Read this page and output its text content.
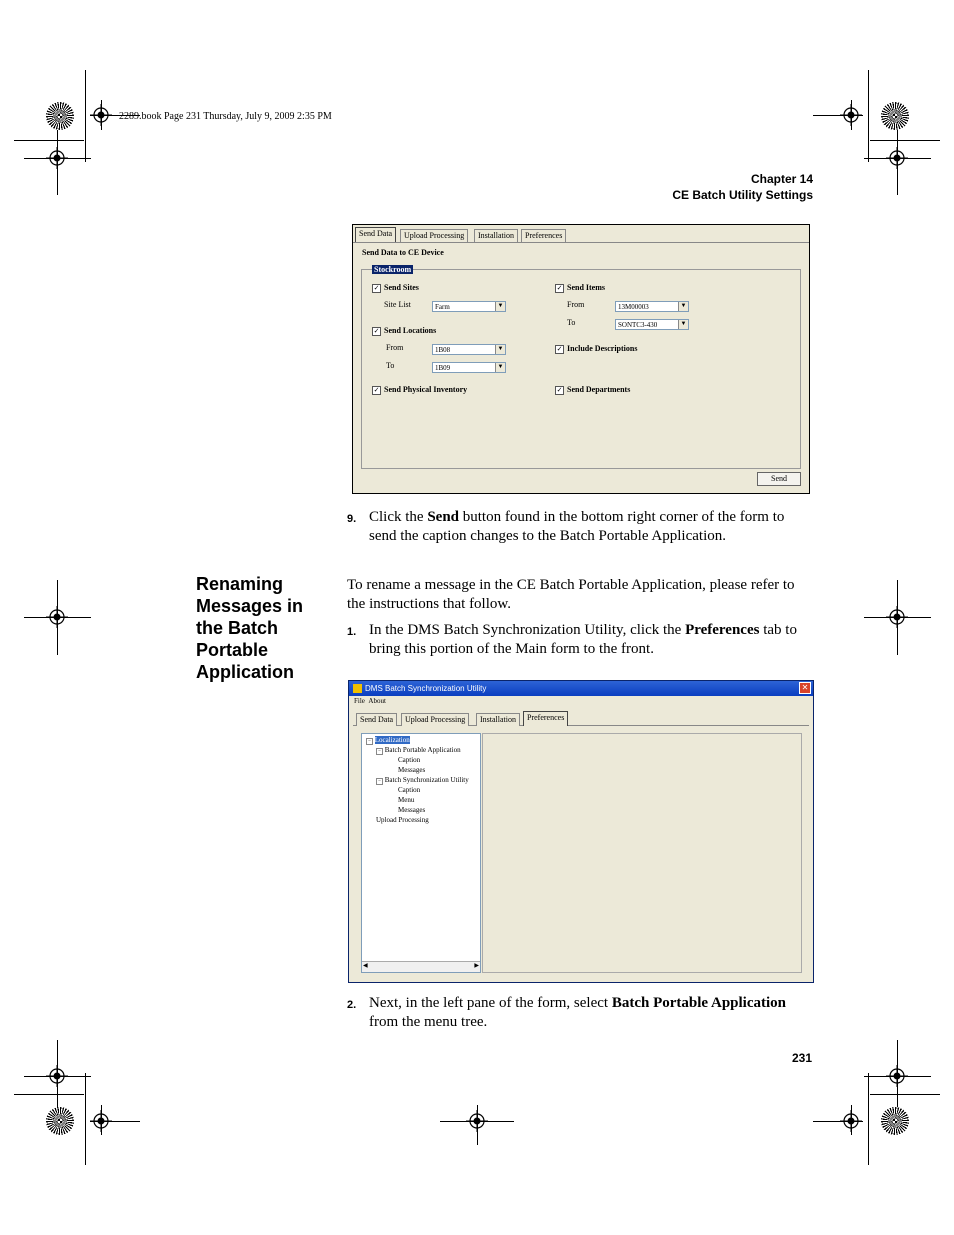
2289.book Page 231 Thursday, July 9, 2009 2:35 PM
Chapter 14
CE Batch Utility Settings
Send Data	Upload Processing	Installation	Preferences
Send Data to CE Device
Stockroom
✓ Send Sites
Site List	Farm	▼
✓ Send Locations
From	1B08	▼
To	1B09	▼
✓ Send Physical Inventory
✓ Send Items
From	13M00003	▼
To	SONTC3-430	▼
✓ Include Descriptions
✓ Send Departments
Send
9. Click the Send button found in the bottom right corner of the form to
send the caption changes to the Batch Portable Application.
Renaming
Messages in
the Batch
Portable
Application
To rename a message in the CE Batch Portable Application, please refer to
the instructions that follow.
1. In the DMS Batch Synchronization Utility, click the Preferences tab to
bring this portion of the Main form to the front.
DMS Batch Synchronization Utility	✕
File About
Send Data	Upload Processing	Installation	Preferences
− Localization
− Batch Portable Application
Caption
Messages
− Batch Synchronization Utility
Caption
Menu
Messages
Upload Processing
◀	▶
2. Next, in the left pane of the form, select Batch Portable Application
from the menu tree.
231
